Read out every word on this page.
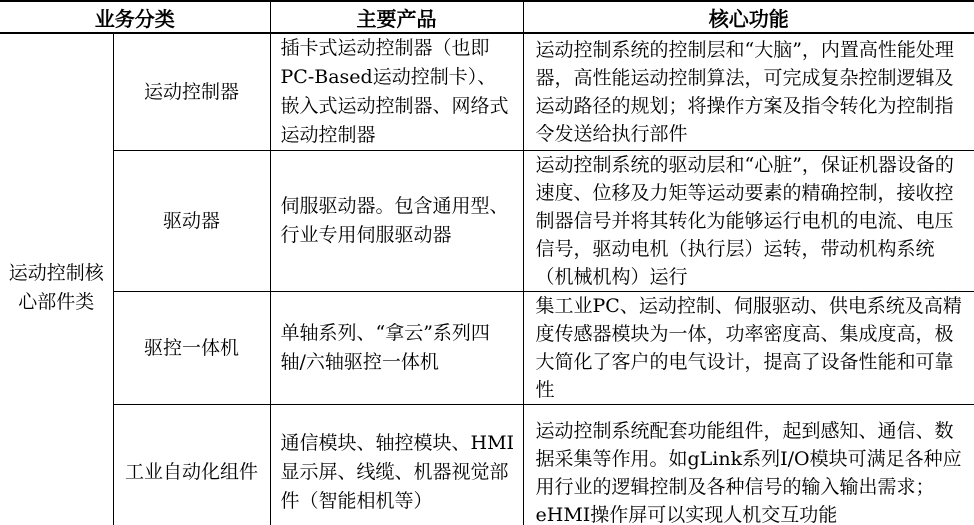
业务分类		主要产品	核心功能
运动控制核心部件类	运动控制器	插卡式运动控制器（也即PC-Based运动控制卡）、嵌入式运动控制器、网络式运动控制器	运动控制系统的控制层和“大脑”，内置高性能处理器，高性能运动控制算法，可完成复杂控制逻辑及运动路径的规划；将操作方案及指令转化为控制指令发送给执行部件
	驱动器	伺服驱动器。包含通用型、行业专用伺服驱动器	运动控制系统的驱动层和“心脏”，保证机器设备的速度、位移及力矩等运动要素的精确控制，接收控制器信号并将其转化为能够运行电机的电流、电压信号，驱动电机（执行层）运转，带动机构系统（机械机构）运行
	驱控一体机	单轴系列、“拿云”系列四轴/六轴驱控一体机	集工业PC、运动控制、伺服驱动、供电系统及高精度传感器模块为一体，功率密度高、集成度高，极大简化了客户的电气设计，提高了设备性能和可靠性
	工业自动化组件	通信模块、轴控模块、HMI显示屏、线缆、机器视觉部件（智能相机等）	运动控制系统配套功能组件，起到感知、通信、数据采集等作用。如gLink系列I/O模块可满足各种应用行业的逻辑控制及各种信号的输入输出需求；eHMI操作屏可以实现人机交互功能
